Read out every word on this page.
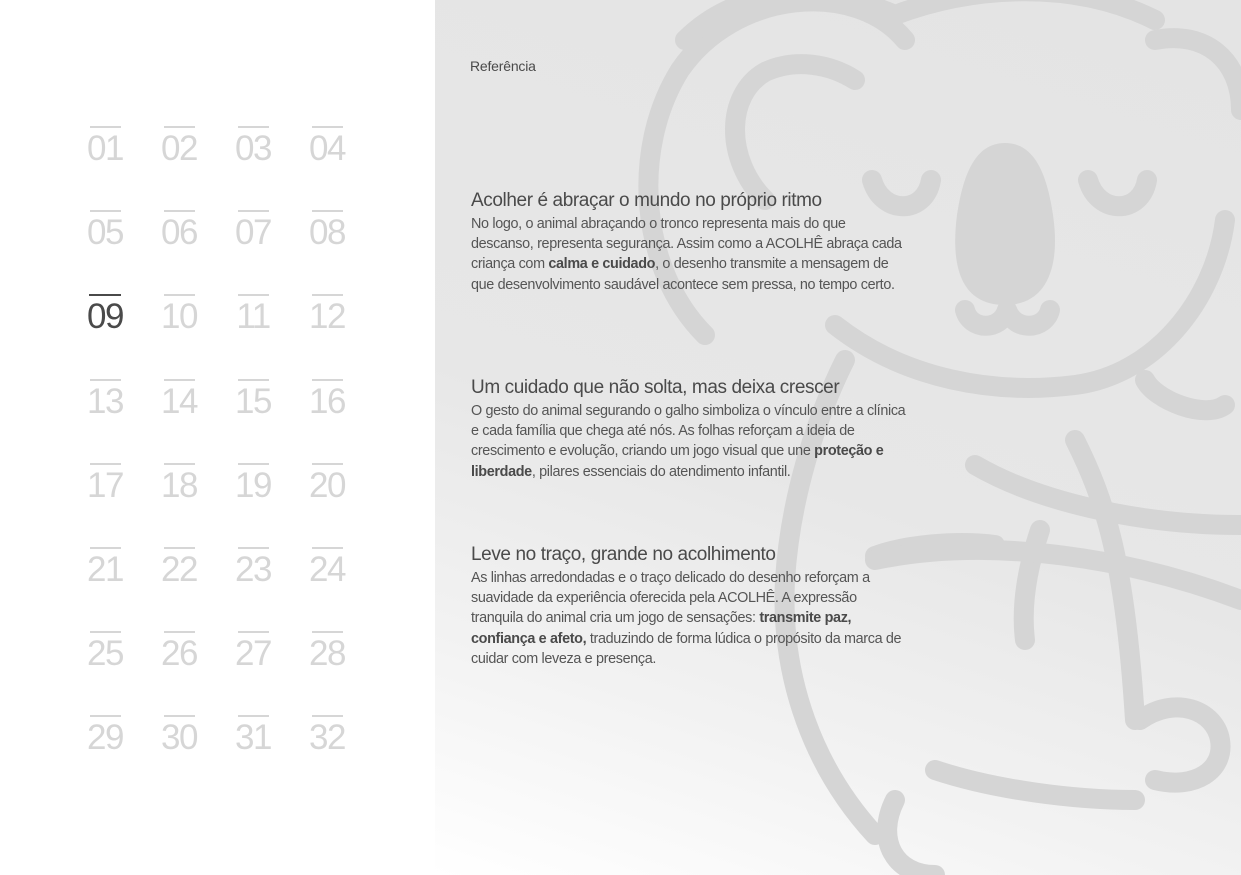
01 02 03 04
05 06 07 08
09 10 11 12
13 14 15 16
17 18 19 20
21 22 23 24
25 26 27 28
29 30 31 32
Referência
Acolher é abraçar o mundo no próprio ritmo

No logo, o animal abraçando o tronco representa mais do que descanso, representa segurança. Assim como a ACOLHÊ abraça cada criança com calma e cuidado, o desenho transmite a mensagem de que desenvolvimento saudável acontece sem pressa, no tempo certo.

Um cuidado que não solta, mas deixa crescer

O gesto do animal segurando o galho simboliza o vínculo entre a clínica e cada família que chega até nós. As folhas reforçam a ideia de crescimento e evolução, criando um jogo visual que une proteção e liberdade, pilares essenciais do atendimento infantil.

Leve no traço, grande no acolhimento

As linhas arredondadas e o traço delicado do desenho reforçam a suavidade da experiência oferecida pela ACOLHÊ. A expressão tranquila do animal cria um jogo de sensações: transmite paz, confiança e afeto, traduzindo de forma lúdica o propósito da marca de cuidar com leveza e presença.
